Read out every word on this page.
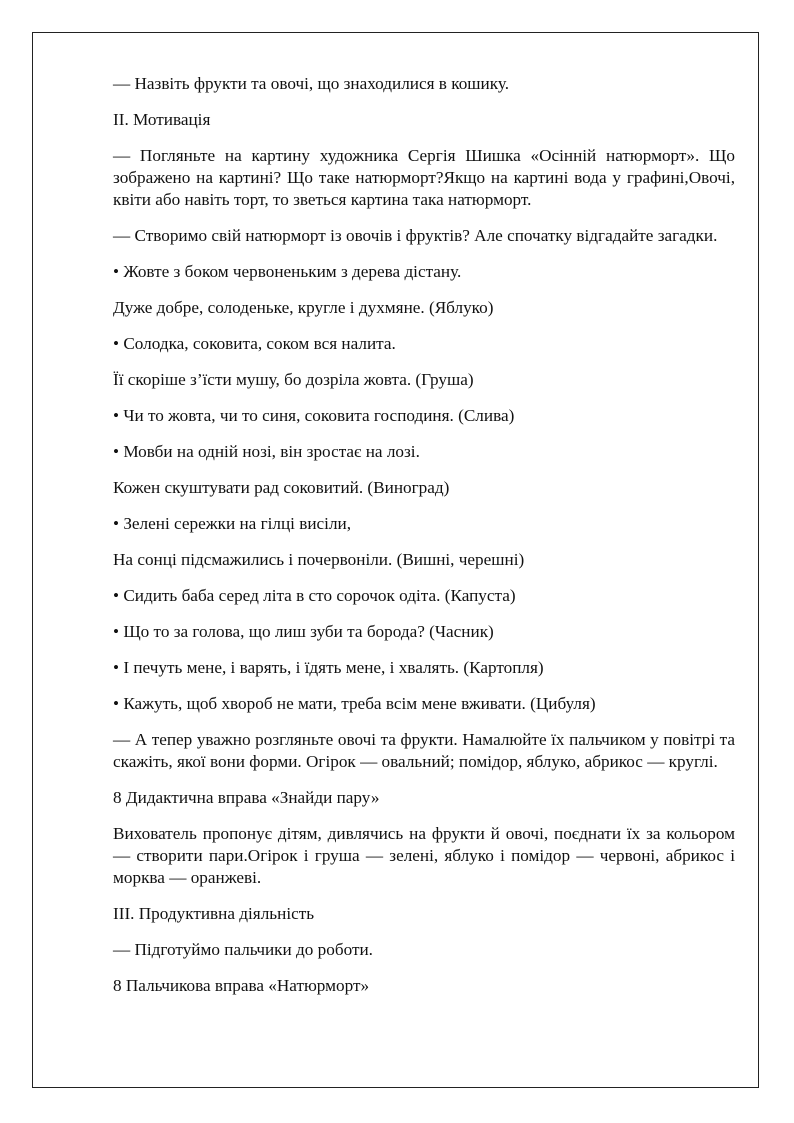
— Назвіть фрукти та овочі, що знаходилися в кошику.

II. Мотивація

— Погляньте на картину художника Сергія Шишка «Осінній натюрморт». Що зображено на картині? Що таке натюрморт?Якщо на картині вода у графині,Овочі, квіти або навіть торт, то зветься картина така натюрморт.

— Створимо свій натюрморт із овочів і фруктів? Але спочатку відгадайте загадки.

• Жовте з боком червоненьким з дерева дістану.

Дуже добре, солоденьке, кругле і духмяне. (Яблуко)

• Солодка, соковита, соком вся налита.

Її скоріше з’їсти мушу, бо дозріла жовта. (Груша)

• Чи то жовта, чи то синя, соковита господиня. (Слива)

• Мовби на одній нозі, він зростає на лозі.

Кожен скуштувати рад соковитий. (Виноград)

• Зелені сережки на гілці висіли,

На сонці підсмажились і почервоніли. (Вишні, черешні)

• Сидить баба серед літа в сто сорочок одіта. (Капуста)

• Що то за голова, що лиш зуби та борода? (Часник)

• І печуть мене, і варять, і їдять мене, і хвалять. (Картопля)

• Кажуть, щоб хвороб не мати, треба всім мене вживати. (Цибуля)

— А тепер уважно розгляньте овочі та фрукти. Намалюйте їх пальчиком у повітрі та скажіть, якої вони форми. Огірок — овальний; помідор, яблуко, абрикос — круглі.

8 Дидактична вправа «Знайди пару»

Вихователь пропонує дітям, дивлячись на фрукти й овочі, поєднати їх за кольором — створити пари.Огірок і груша — зелені, яблуко і помідор — червоні, абрикос і морква — оранжеві.

III. Продуктивна діяльність

— Підготуймо пальчики до роботи.

8 Пальчикова вправа «Натюрморт»
